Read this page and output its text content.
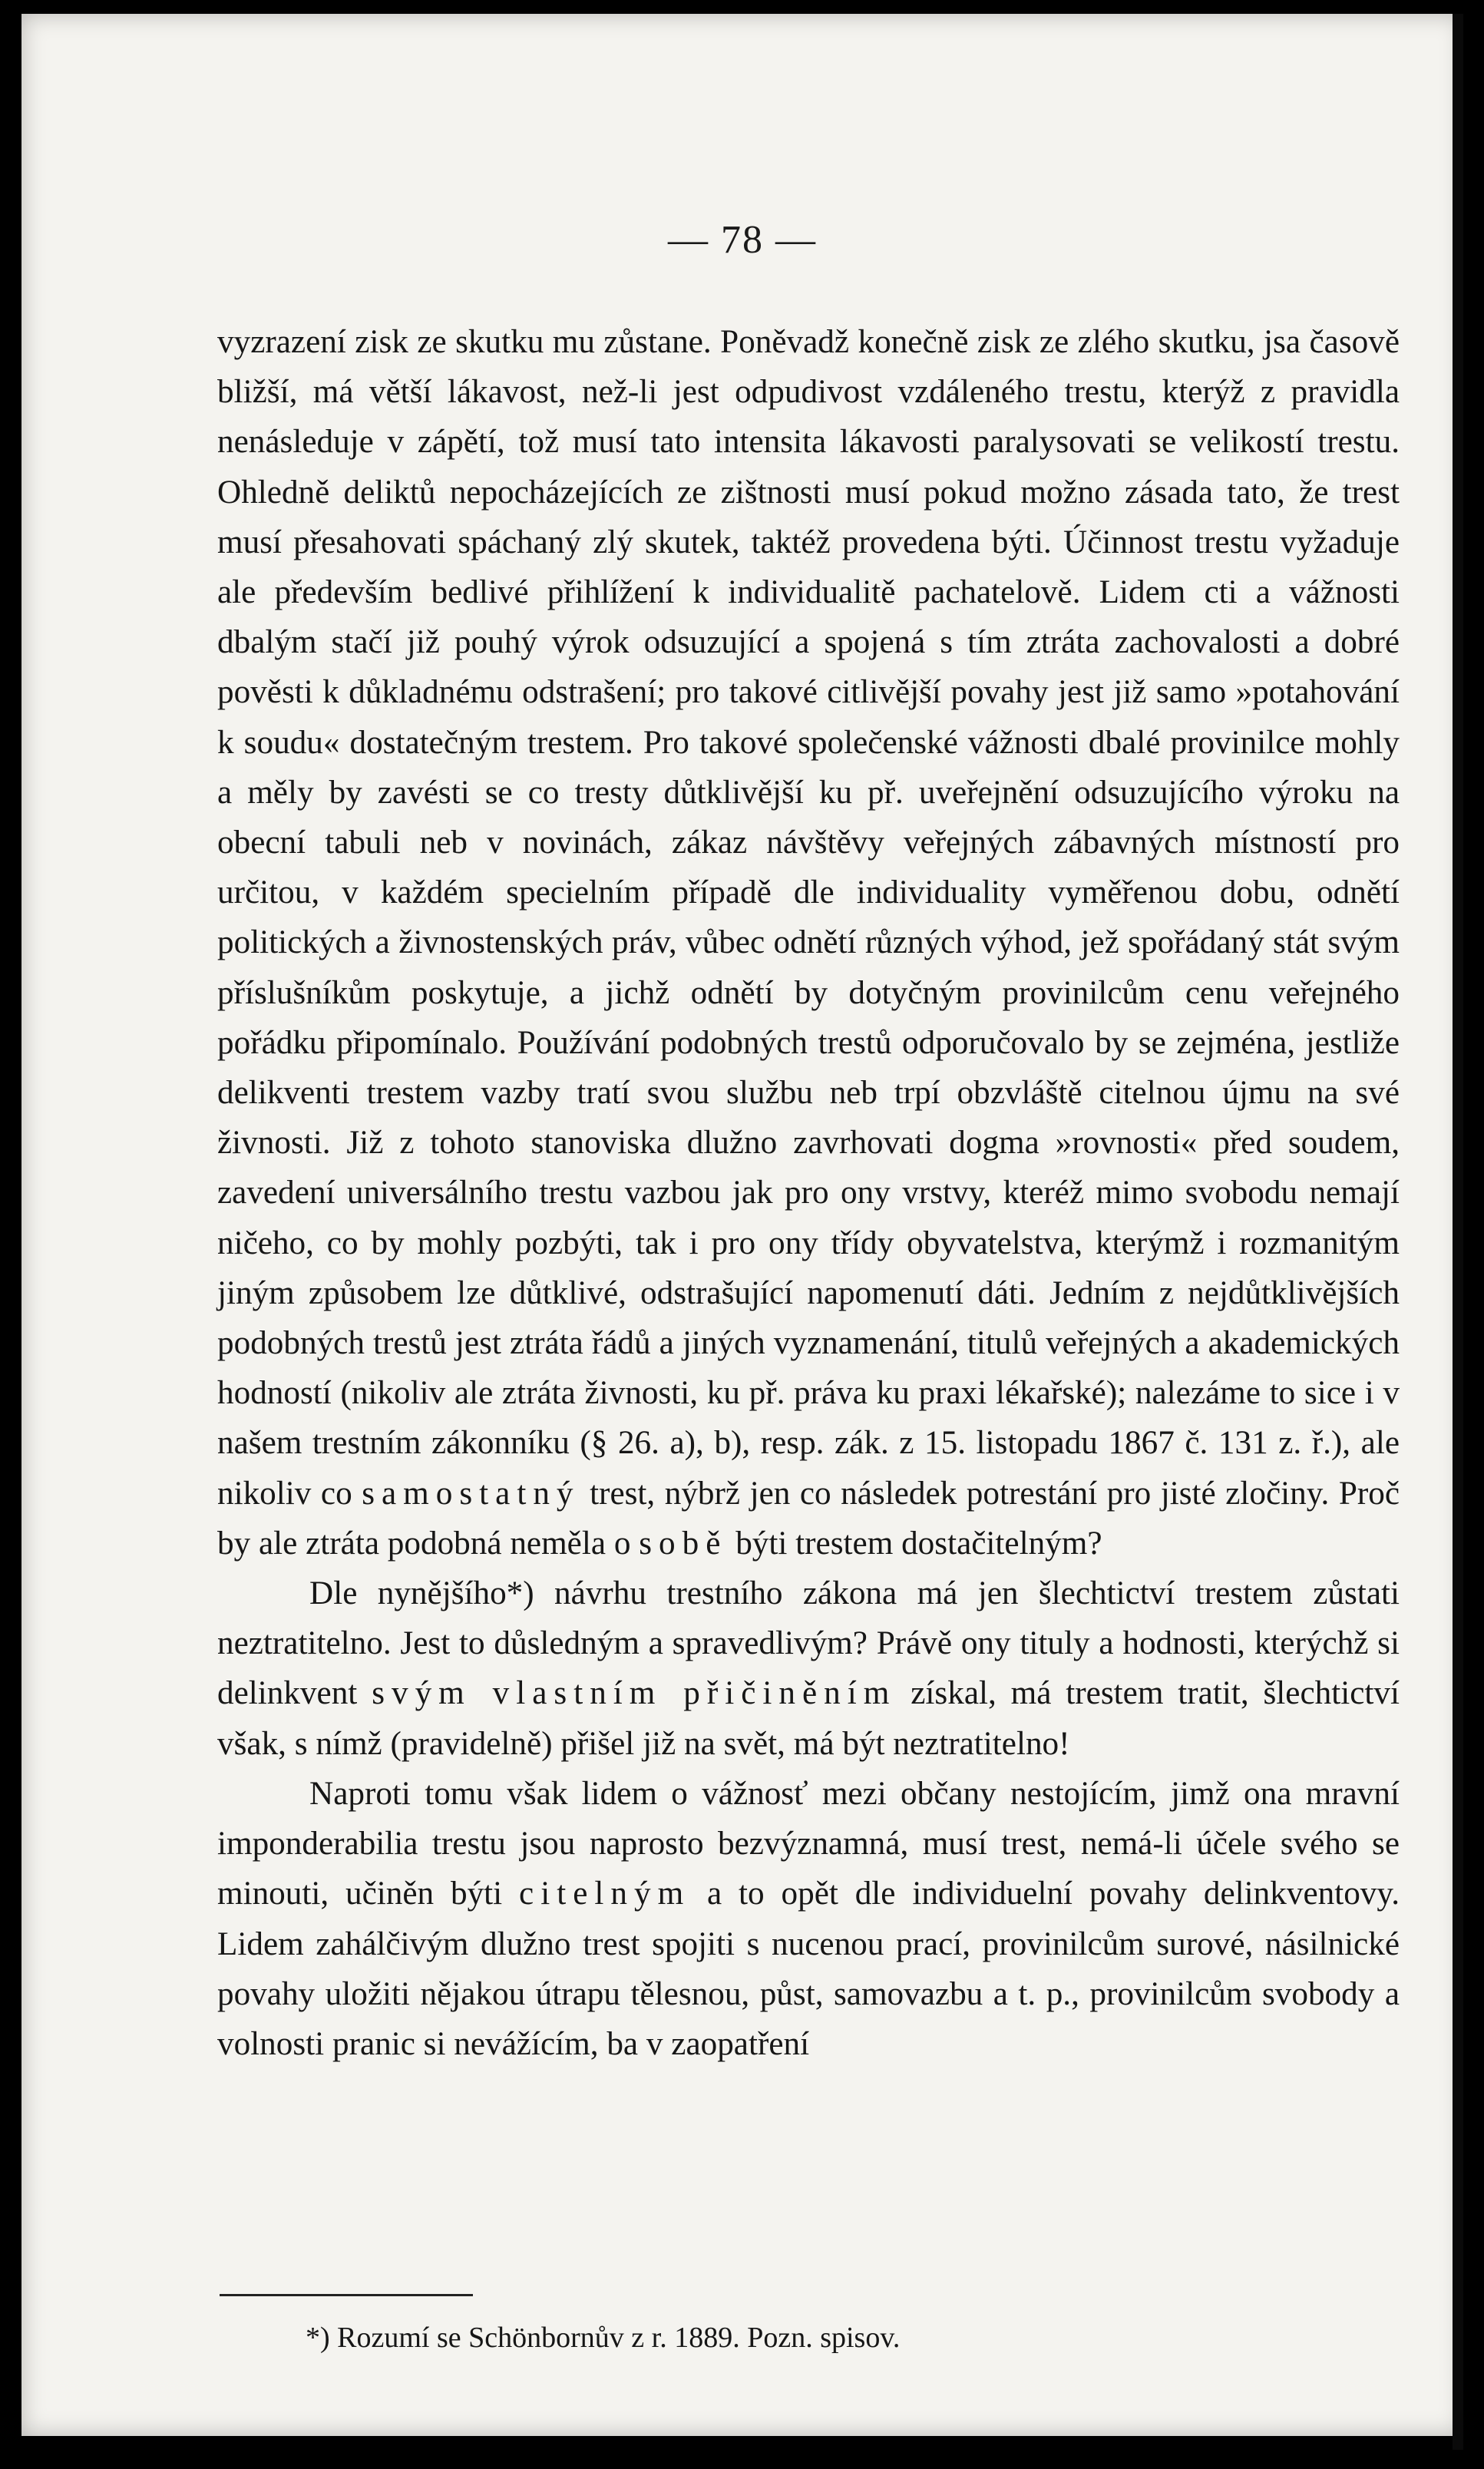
— 78 —

vyzrazení zisk ze skutku mu zůstane. Poněvadž konečně zisk ze zlého skutku, jsa časově bližší, má větší lákavost, než-li jest odpudivost vzdáleného trestu, kterýž z pravidla nenásleduje v zápětí, tož musí tato intensita lákavosti paralysovati se velikostí trestu. Ohledně deliktů nepocházejících ze zištnosti musí pokud možno zásada tato, že trest musí přesahovati spáchaný zlý skutek, taktéž provedena býti. Účinnost trestu vyžaduje ale především bedlivé přihlížení k individualitě pachatelově. Lidem cti a vážnosti dbalým stačí již pouhý výrok odsuzující a spojená s tím ztráta zachovalosti a dobré pověsti k důkladnému odstrašení; pro takové citlivější povahy jest již samo »potahování k soudu« dostatečným trestem. Pro takové společenské vážnosti dbalé provinilce mohly a měly by zavésti se co tresty důtklivější ku př. uveřejnění odsuzujícího výroku na obecní tabuli neb v novinách, zákaz návštěvy veřejných zábavných místností pro určitou, v každém specielním případě dle individuality vyměřenou dobu, odnětí politických a živnostenských práv, vůbec odnětí různých výhod, jež spořádaný stát svým příslušníkům poskytuje, a jichž odnětí by dotyčným provinilcům cenu veřejného pořádku připomínalo. Používání podobných trestů odporučovalo by se zejména, jestliže delikventi trestem vazby tratí svou službu neb trpí obzvláště citelnou újmu na své živnosti. Již z tohoto stanoviska dlužno zavrhovati dogma »rovnosti« před soudem, zavedení universálního trestu vazbou jak pro ony vrstvy, kteréž mimo svobodu nemají ničeho, co by mohly pozbýti, tak i pro ony třídy obyvatelstva, kterýmž i rozmanitým jiným způsobem lze důtklivé, odstrašující napomenutí dáti. Jedním z nejdůtklivějších podobných trestů jest ztráta řádů a jiných vyznamenání, titulů veřejných a akademických hodností (nikoliv ale ztráta živnosti, ku př. práva ku praxi lékařské); nalezáme to sice i v našem trestním zákonníku (§ 26. a), b), resp. zák. z 15. listopadu 1867 č. 131 z. ř.), ale nikoliv co samostatný trest, nýbrž jen co následek potrestání pro jisté zločiny. Proč by ale ztráta podobná neměla o sobě býti trestem dostačitelným?

Dle nynějšího*) návrhu trestního zákona má jen šlechtictví trestem zůstati neztratitelno. Jest to důsledným a spravedlivým? Právě ony tituly a hodnosti, kterýchž si delinkvent svým vlastním přičiněním získal, má trestem tratit, šlechtictví však, s nímž (pravidelně) přišel již na svět, má být neztratitelno!

Naproti tomu však lidem o vážnosť mezi občany nestojícím, jimž ona mravní imponderabilia trestu jsou naprosto bezvýznamná, musí trest, nemá-li účele svého se minouti, učiněn býti citelným a to opět dle individuelní povahy delinkventovy. Lidem zahálčivým dlužno trest spojiti s nucenou prací, provinilcům surové, násilnické povahy uložiti nějakou útrapu tělesnou, půst, samovazbu a t. p., provinilcům svobody a volnosti pranic si nevážícím, ba v zaopatření

*) Rozumí se Schönbornův z r. 1889. Pozn. spisov.
